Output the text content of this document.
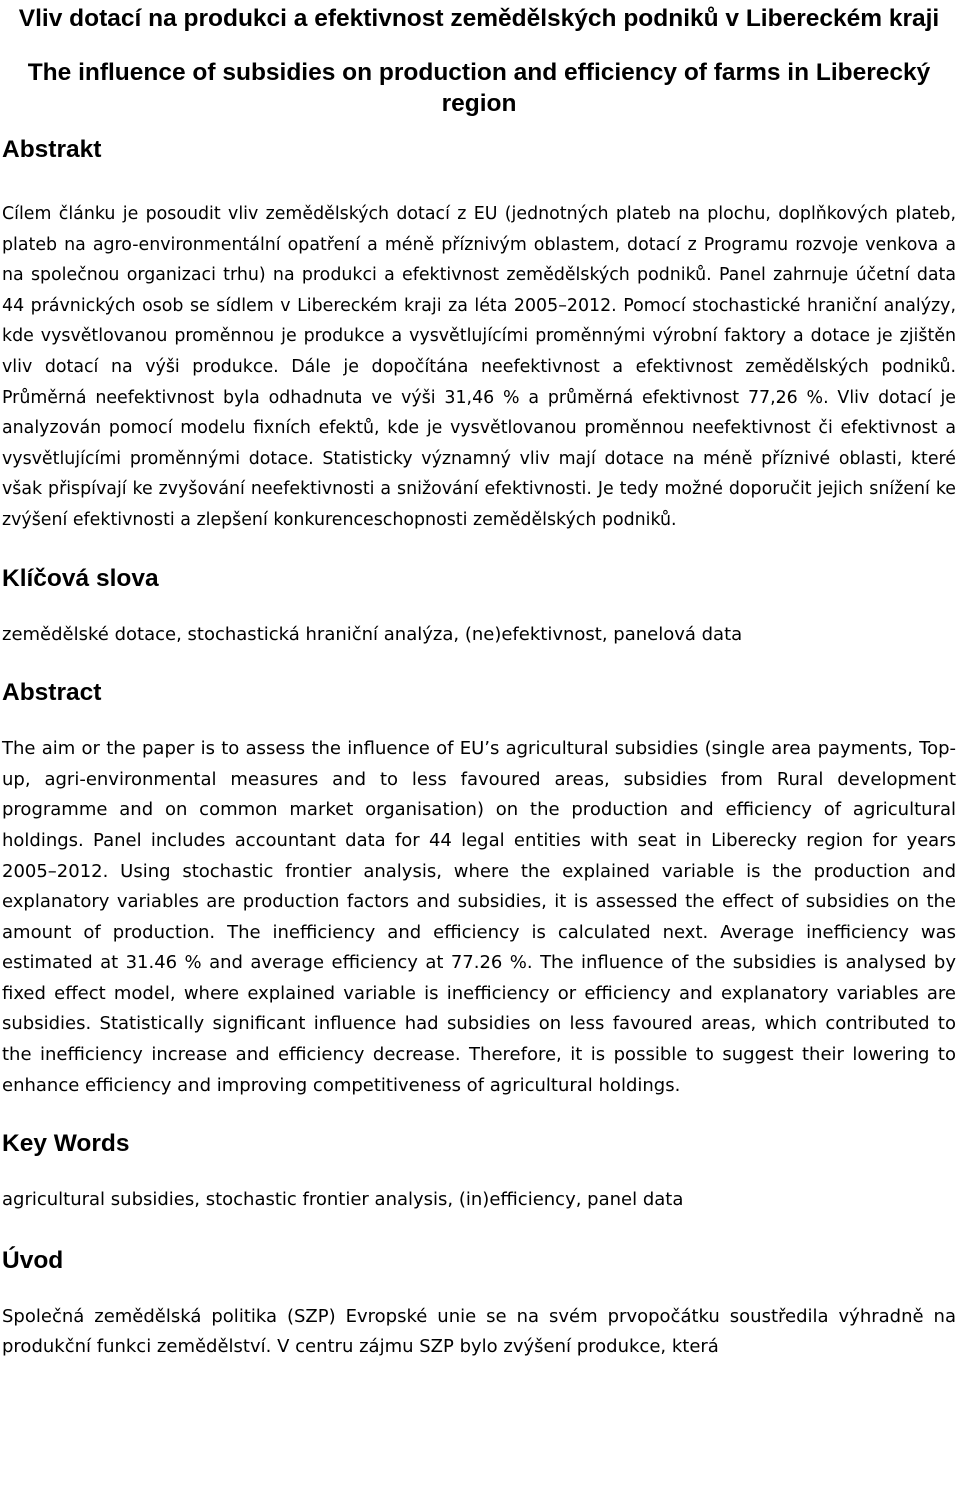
Vliv dotací na produkci a efektivnost zemědělských podniků v Libereckém kraji
The influence of subsidies on production and efficiency of farms in Liberecký region
Abstrakt

Cílem článku je posoudit vliv zemědělských dotací z EU (jednotných plateb na plochu, doplňkových plateb, plateb na agro-environmentální opatření a méně příznivým oblastem, dotací z Programu rozvoje venkova a na společnou organizaci trhu) na produkci a efektivnost zemědělských podniků. Panel zahrnuje účetní data 44 právnických osob se sídlem v Libereckém kraji za léta 2005–2012. Pomocí stochastické hraniční analýzy, kde vysvětlovanou proměnnou je produkce a vysvětlujícími proměnnými výrobní faktory a dotace je zjištěn vliv dotací na výši produkce. Dále je dopočítána neefektivnost a efektivnost zemědělských podniků. Průměrná neefektivnost byla odhadnuta ve výši 31,46 % a průměrná efektivnost 77,26 %. Vliv dotací je analyzován pomocí modelu fixních efektů, kde je vysvětlovanou proměnnou neefektivnost či efektivnost a vysvětlujícími proměnnými dotace. Statisticky významný vliv mají dotace na méně příznivé oblasti, které však přispívají ke zvyšování neefektivnosti a snižování efektivnosti. Je tedy možné doporučit jejich snížení ke zvýšení efektivnosti a zlepšení konkurenceschopnosti zemědělských podniků.

Klíčová slova

zemědělské dotace, stochastická hraniční analýza, (ne)efektivnost, panelová data

Abstract

The aim or the paper is to assess the influence of EU’s agricultural subsidies (single area payments, Top-up, agri-environmental measures and to less favoured areas, subsidies from Rural development programme and on common market organisation) on the production and efficiency of agricultural holdings. Panel includes accountant data for 44 legal entities with seat in Liberecky region for years 2005–2012. Using stochastic frontier analysis, where the explained variable is the production and explanatory variables are production factors and subsidies, it is assessed the effect of subsidies on the amount of production. The inefficiency and efficiency is calculated next. Average inefficiency was estimated at 31.46 % and average efficiency at 77.26 %. The influence of the subsidies is analysed by fixed effect model, where explained variable is inefficiency or efficiency and explanatory variables are subsidies. Statistically significant influence had subsidies on less favoured areas, which contributed to the inefficiency increase and efficiency decrease. Therefore, it is possible to suggest their lowering to enhance efficiency and improving competitiveness of agricultural holdings.

Key Words

agricultural subsidies, stochastic frontier analysis, (in)efficiency, panel data

Úvod

Společná zemědělská politika (SZP) Evropské unie se na svém prvopočátku soustředila výhradně na produkční funkci zemědělství. V centru zájmu SZP bylo zvýšení produkce, která
